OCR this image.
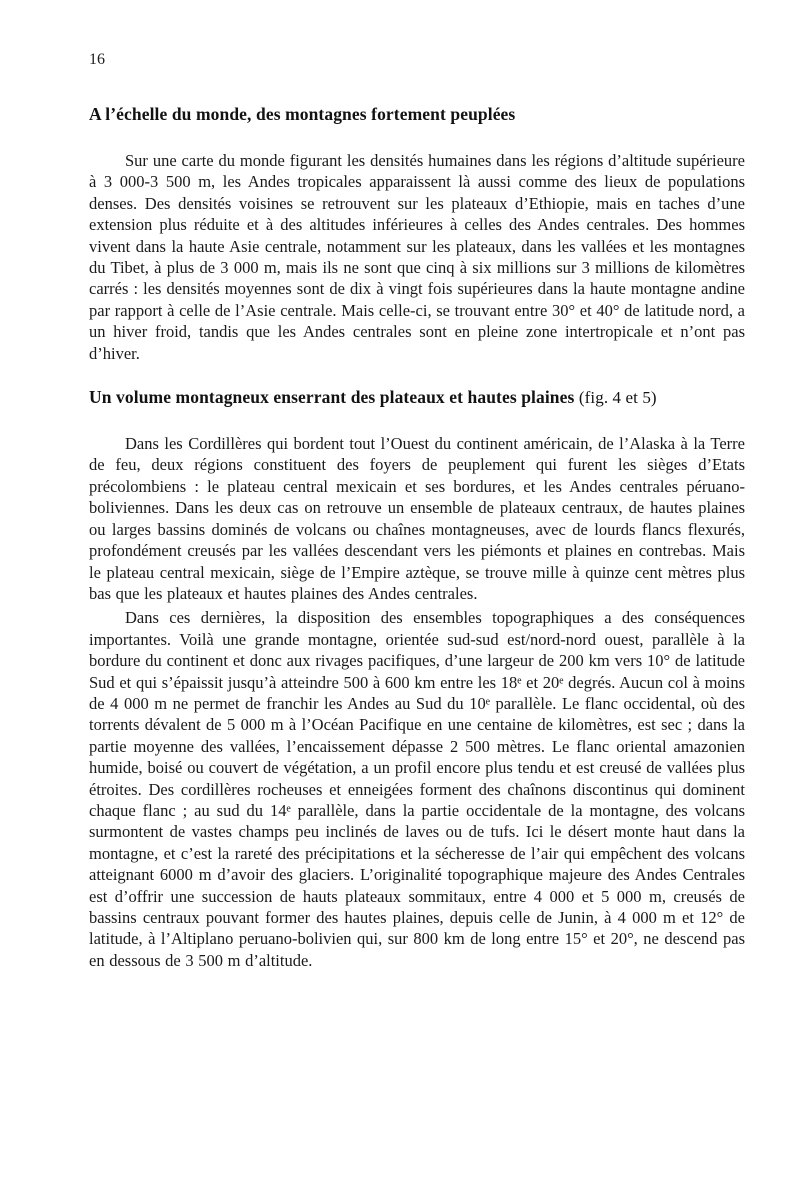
16
A l’échelle du monde, des montagnes fortement peuplées

Sur une carte du monde figurant les densités humaines dans les régions d’altitude supérieure à 3 000-3 500 m, les Andes tropicales apparaissent là aussi comme des lieux de populations denses. Des densités voisines se retrouvent sur les plateaux d’Ethiopie, mais en taches d’une extension plus réduite et à des altitudes inférieures à celles des Andes centrales. Des hommes vivent dans la haute Asie centrale, notamment sur les plateaux, dans les vallées et les montagnes du Tibet, à plus de 3 000 m, mais ils ne sont que cinq à six millions sur 3 millions de kilomètres carrés : les densités moyennes sont de dix à vingt fois supérieures dans la haute montagne andine par rapport à celle de l’Asie centrale. Mais celle-ci, se trouvant entre 30° et 40° de latitude nord, a un hiver froid, tandis que les Andes centrales sont en pleine zone intertropicale et n’ont pas d’hiver.

Un volume montagneux enserrant des plateaux et hautes plaines (fig. 4 et 5)

Dans les Cordillères qui bordent tout l’Ouest du continent américain, de l’Alaska à la Terre de feu, deux régions constituent des foyers de peuplement qui furent les sièges d’Etats précolombiens : le plateau central mexicain et ses bordures, et les Andes centrales péruano-boliviennes. Dans les deux cas on retrouve un ensemble de plateaux centraux, de hautes plaines ou larges bassins dominés de volcans ou chaînes montagneuses, avec de lourds flancs flexurés, profondément creusés par les vallées descendant vers les piémonts et plaines en contrebas. Mais le plateau central mexicain, siège de l’Empire aztèque, se trouve mille à quinze cent mètres plus bas que les plateaux et hautes plaines des Andes centrales.

Dans ces dernières, la disposition des ensembles topographiques a des conséquences importantes. Voilà une grande montagne, orientée sud-sud est/nord-nord ouest, parallèle à la bordure du continent et donc aux rivages pacifiques, d’une largeur de 200 km vers 10° de latitude Sud et qui s’épaissit jusqu’à atteindre 500 à 600 km entre les 18ᵉ et 20ᵉ degrés. Aucun col à moins de 4 000 m ne permet de franchir les Andes au Sud du 10ᵉ parallèle. Le flanc occidental, où des torrents dévalent de 5 000 m à l’Océan Pacifique en une centaine de kilomètres, est sec ; dans la partie moyenne des vallées, l’encaissement dépasse 2 500 mètres. Le flanc oriental amazonien humide, boisé ou couvert de végétation, a un profil encore plus tendu et est creusé de vallées plus étroites. Des cordillères rocheuses et enneigées forment des chaînons discontinus qui dominent chaque flanc ; au sud du 14ᵉ parallèle, dans la partie occidentale de la montagne, des volcans surmontent de vastes champs peu inclinés de laves ou de tufs. Ici le désert monte haut dans la montagne, et c’est la rareté des précipitations et la sécheresse de l’air qui empêchent des volcans atteignant 6000 m d’avoir des glaciers. L’originalité topographique majeure des Andes Centrales est d’offrir une succession de hauts plateaux sommitaux, entre 4 000 et 5 000 m, creusés de bassins centraux pouvant former des hautes plaines, depuis celle de Junin, à 4 000 m et 12° de latitude, à l’Altiplano peruano-bolivien qui, sur 800 km de long entre 15° et 20°, ne descend pas en dessous de 3 500 m d’altitude.
